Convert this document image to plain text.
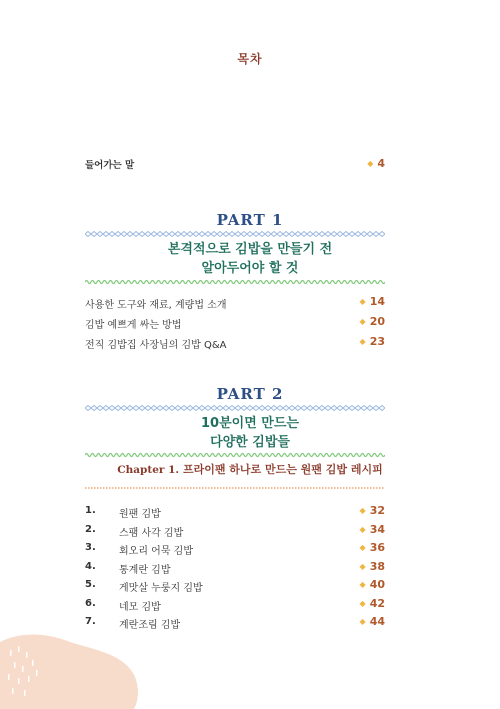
목차
들어가는 말	◆ 4
PART 1
본격적으로 김밥을 만들기 전
알아두어야 할 것
사용한 도구와 재료, 계량법 소개	◆ 14
김밥 예쁘게 싸는 방법	◆ 20
전직 김밥집 사장님의 김밥 Q&A	◆ 23
PART 2
10분이면 만드는
다양한 김밥들
Chapter 1. 프라이팬 하나로 만드는 원팬 김밥 레시피
1. 원팬 김밥	◆ 32
2. 스팸 사각 김밥	◆ 34
3. 회오리 어묵 김밥	◆ 36
4. 통계란 김밥	◆ 38
5. 게맛살 누룽지 김밥	◆ 40
6. 네모 김밥	◆ 42
7. 계란조림 김밥	◆ 44
